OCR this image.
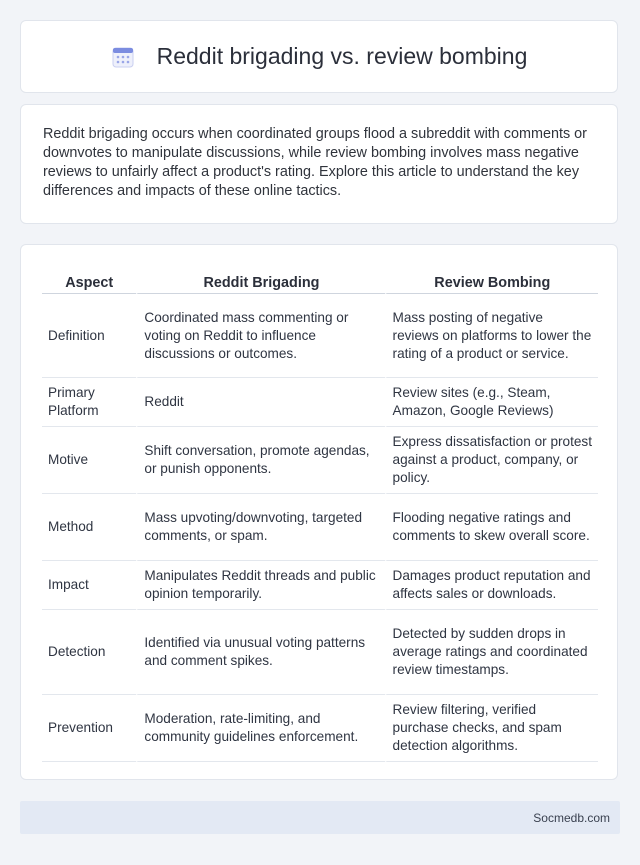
Reddit brigading vs. review bombing

Reddit brigading occurs when coordinated groups flood a subreddit with comments or downvotes to manipulate discussions, while review bombing involves mass negative reviews to unfairly affect a product's rating. Explore this article to understand the key differences and impacts of these online tactics.

Aspect	Reddit Brigading	Review Bombing
Definition	Coordinated mass commenting or voting on Reddit to influence discussions or outcomes.	Mass posting of negative reviews on platforms to lower the rating of a product or service.
Primary Platform	Reddit	Review sites (e.g., Steam, Amazon, Google Reviews)
Motive	Shift conversation, promote agendas, or punish opponents.	Express dissatisfaction or protest against a product, company, or policy.
Method	Mass upvoting/downvoting, targeted comments, or spam.	Flooding negative ratings and comments to skew overall score.
Impact	Manipulates Reddit threads and public opinion temporarily.	Damages product reputation and affects sales or downloads.
Detection	Identified via unusual voting patterns and comment spikes.	Detected by sudden drops in average ratings and coordinated review timestamps.
Prevention	Moderation, rate-limiting, and community guidelines enforcement.	Review filtering, verified purchase checks, and spam detection algorithms.
Socmedb.com
